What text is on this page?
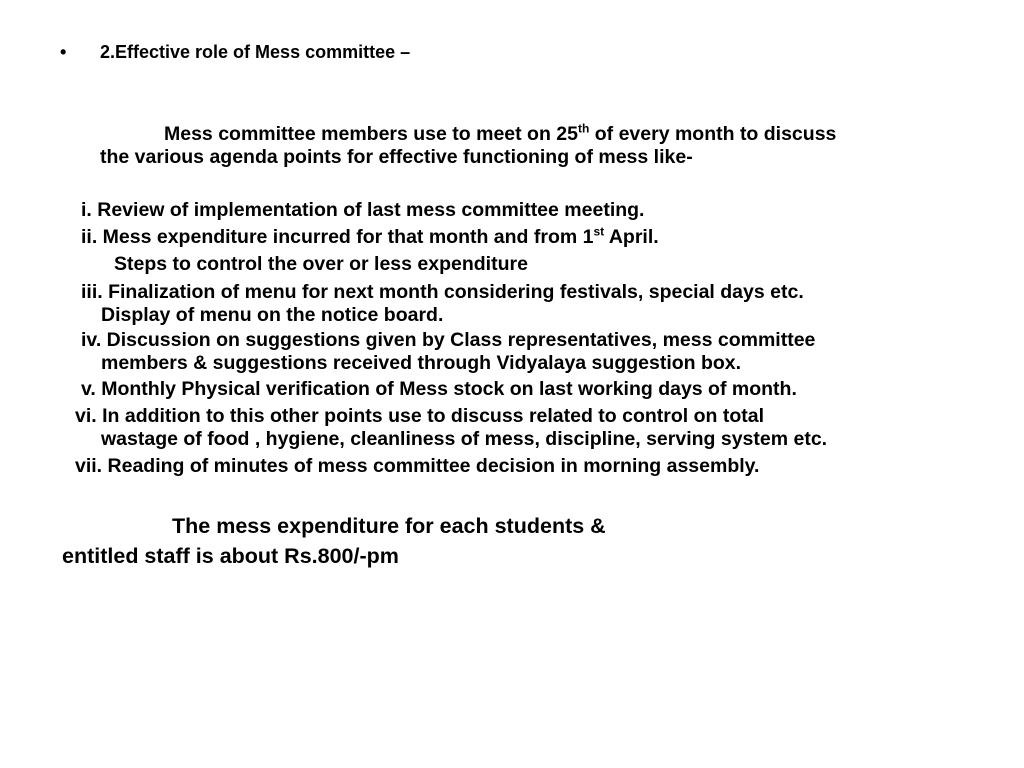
• 2.Effective role of Mess committee –
Mess committee members use to meet on 25th of every month to discuss
the various agenda points for effective functioning of mess like-
i. Review of implementation of last mess committee meeting.
ii. Mess expenditure incurred for that month and from 1st April.
Steps to control the over or less expenditure
iii. Finalization of menu for next month considering festivals, special days etc.
Display of menu on the notice board.
iv. Discussion on suggestions given by Class representatives, mess committee
members & suggestions received through Vidyalaya suggestion box.
v. Monthly Physical verification of Mess stock on last working days of month.
vi. In addition to this other points use to discuss related to control on total
wastage of food , hygiene, cleanliness of mess, discipline, serving system etc.
vii. Reading of minutes of mess committee decision in morning assembly.
The mess expenditure for each students &
entitled staff is about Rs.800/-pm
